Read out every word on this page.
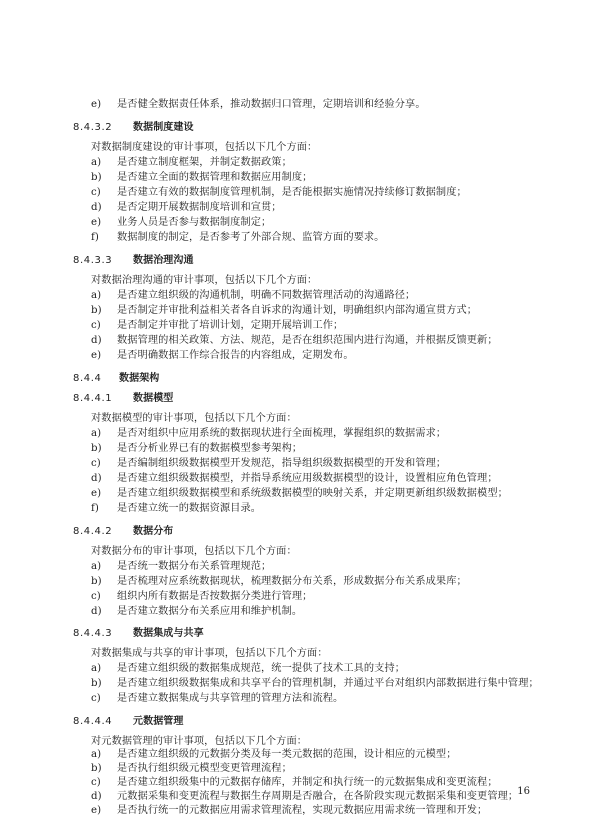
e) 是否健全数据责任体系，推动数据归口管理，定期培训和经验分享。
8.4.3.2 数据制度建设
对数据制度建设的审计事项，包括以下几个方面：
a) 是否建立制度框架，并制定数据政策；
b) 是否建立全面的数据管理和数据应用制度；
c) 是否建立有效的数据制度管理机制，是否能根据实施情况持续修订数据制度；
d) 是否定期开展数据制度培训和宣贯；
e) 业务人员是否参与数据制度制定；
f) 数据制度的制定，是否参考了外部合规、监管方面的要求。
8.4.3.3 数据治理沟通
对数据治理沟通的审计事项，包括以下几个方面：
a) 是否建立组织级的沟通机制，明确不同数据管理活动的沟通路径；
b) 是否制定并审批利益相关者各自诉求的沟通计划，明确组织内部沟通宣贯方式；
c) 是否制定并审批了培训计划，定期开展培训工作；
d) 数据管理的相关政策、方法、规范，是否在组织范围内进行沟通，并根据反馈更新；
e) 是否明确数据工作综合报告的内容组成，定期发布。
8.4.4 数据架构
8.4.4.1 数据模型
对数据模型的审计事项，包括以下几个方面：
a) 是否对组织中应用系统的数据现状进行全面梳理，掌握组织的数据需求；
b) 是否分析业界已有的数据模型参考架构；
c) 是否编制组织级数据模型开发规范，指导组织级数据模型的开发和管理；
d) 是否建立组织级数据模型，并指导系统应用级数据模型的设计，设置相应角色管理；
e) 是否建立组织级数据模型和系统级数据模型的映射关系，并定期更新组织级数据模型；
f) 是否建立统一的数据资源目录。
8.4.4.2 数据分布
对数据分布的审计事项，包括以下几个方面：
a) 是否统一数据分布关系管理规范；
b) 是否梳理对应系统数据现状，梳理数据分布关系，形成数据分布关系成果库；
c) 组织内所有数据是否按数据分类进行管理；
d) 是否建立数据分布关系应用和维护机制。
8.4.4.3 数据集成与共享
对数据集成与共享的审计事项，包括以下几个方面：
a) 是否建立组织级的数据集成规范，统一提供了技术工具的支持；
b) 是否建立组织级数据集成和共享平台的管理机制，并通过平台对组织内部数据进行集中管理；
c) 是否建立数据集成与共享管理的管理方法和流程。
8.4.4.4 元数据管理
对元数据管理的审计事项，包括以下几个方面：
a) 是否建立组织级的元数据分类及每一类元数据的范围，设计相应的元模型；
b) 是否执行组织级元模型变更管理流程；
c) 是否建立组织级集中的元数据存储库，并制定和执行统一的元数据集成和变更流程；
d) 元数据采集和变更流程与数据生存周期是否融合，在各阶段实现元数据采集和变更管理； 16
e) 是否执行统一的元数据应用需求管理流程，实现元数据应用需求统一管理和开发；
